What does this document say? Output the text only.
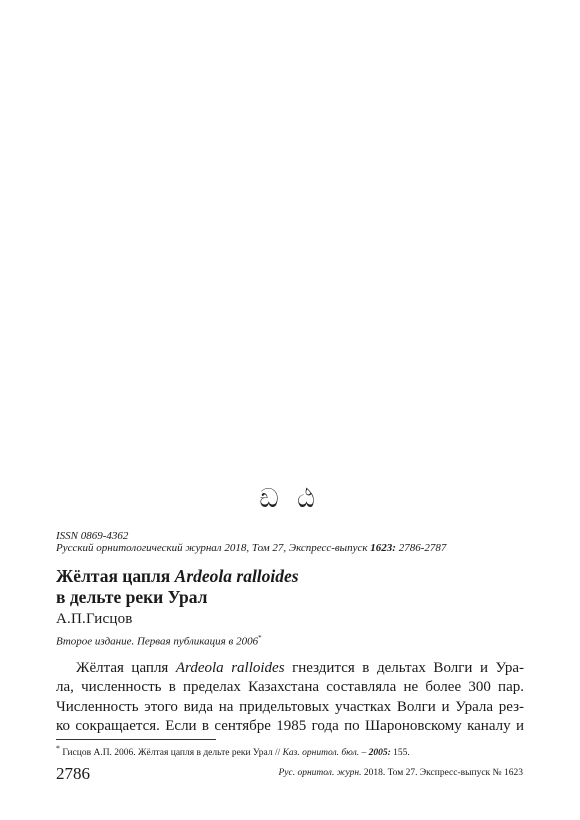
ඩ ඨ
ISSN 0869-4362
Русский орнитологический журнал 2018, Том 27, Экспресс-выпуск 1623: 2786-2787
Жёлтая цапля Ardeola ralloides
в дельте реки Урал
А.П.Гисцов
Второе издание. Первая публикация в 2006*
Жёлтая цапля Ardeola ralloides гнездится в дельтах Волги и Ура-
ла, численность в пределах Казахстана составляла не более 300 пар.
Численность этого вида на придельтовых участках Волги и Урала рез-
ко сокращается. Если в сентябре 1985 года по Шароновскому каналу и
* Гисцов А.П. 2006. Жёлтая цапля в дельте реки Урал // Каз. орнитол. бюл. – 2005: 155.
2786	Рус. орнитол. журн. 2018. Том 27. Экспресс-выпуск № 1623
